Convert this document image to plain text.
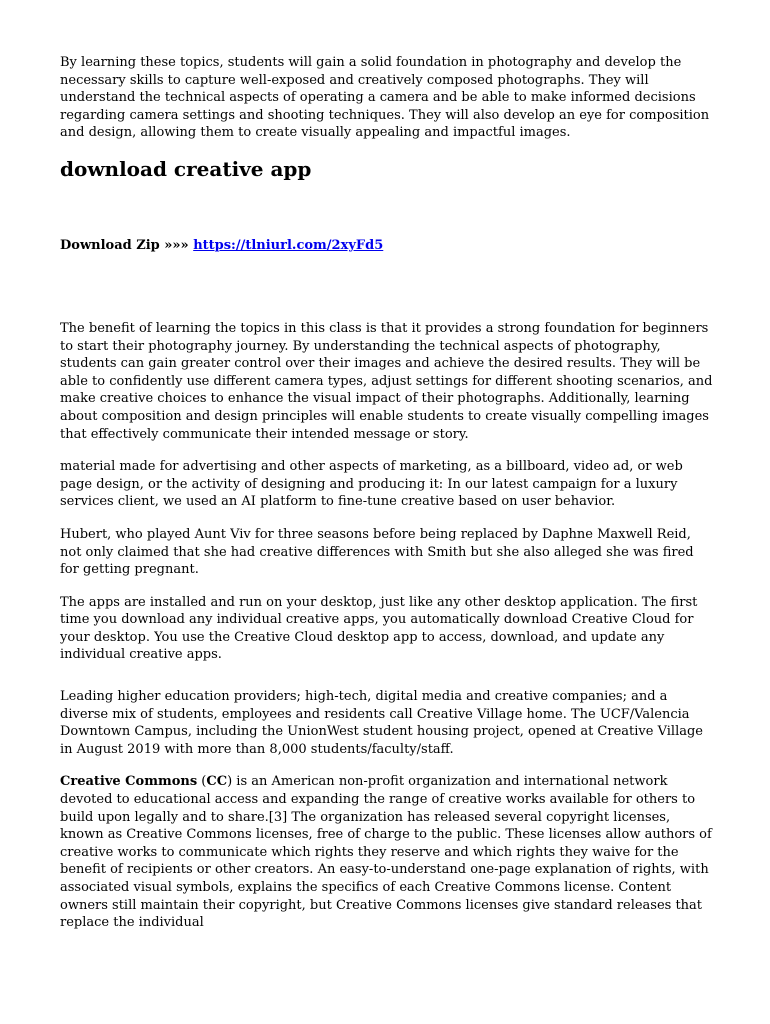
By learning these topics, students will gain a solid foundation in photography and develop the necessary skills to capture well-exposed and creatively composed photographs. They will understand the technical aspects of operating a camera and be able to make informed decisions regarding camera settings and shooting techniques. They will also develop an eye for composition and design, allowing them to create visually appealing and impactful images.

download creative app
Download Zip »»» https://tlniurl.com/2xyFd5

The benefit of learning the topics in this class is that it provides a strong foundation for beginners to start their photography journey. By understanding the technical aspects of photography, students can gain greater control over their images and achieve the desired results. They will be able to confidently use different camera types, adjust settings for different shooting scenarios, and make creative choices to enhance the visual impact of their photographs. Additionally, learning about composition and design principles will enable students to create visually compelling images that effectively communicate their intended message or story.

material made for advertising and other aspects of marketing, as a billboard, video ad, or web page design, or the activity of designing and producing it: In our latest campaign for a luxury services client, we used an AI platform to fine-tune creative based on user behavior.

Hubert, who played Aunt Viv for three seasons before being replaced by Daphne Maxwell Reid, not only claimed that she had creative differences with Smith but she also alleged she was fired for getting pregnant.

The apps are installed and run on your desktop, just like any other desktop application. The first time you download any individual creative apps, you automatically download Creative Cloud for your desktop. You use the Creative Cloud desktop app to access, download, and update any individual creative apps.

Leading higher education providers; high-tech, digital media and creative companies; and a diverse mix of students, employees and residents call Creative Village home. The UCF/Valencia Downtown Campus, including the UnionWest student housing project, opened at Creative Village in August 2019 with more than 8,000 students/faculty/staff.

Creative Commons (CC) is an American non-profit organization and international network devoted to educational access and expanding the range of creative works available for others to build upon legally and to share.[3] The organization has released several copyright licenses, known as Creative Commons licenses, free of charge to the public. These licenses allow authors of creative works to communicate which rights they reserve and which rights they waive for the benefit of recipients or other creators. An easy-to-understand one-page explanation of rights, with associated visual symbols, explains the specifics of each Creative Commons license. Content owners still maintain their copyright, but Creative Commons licenses give standard releases that replace the individual
